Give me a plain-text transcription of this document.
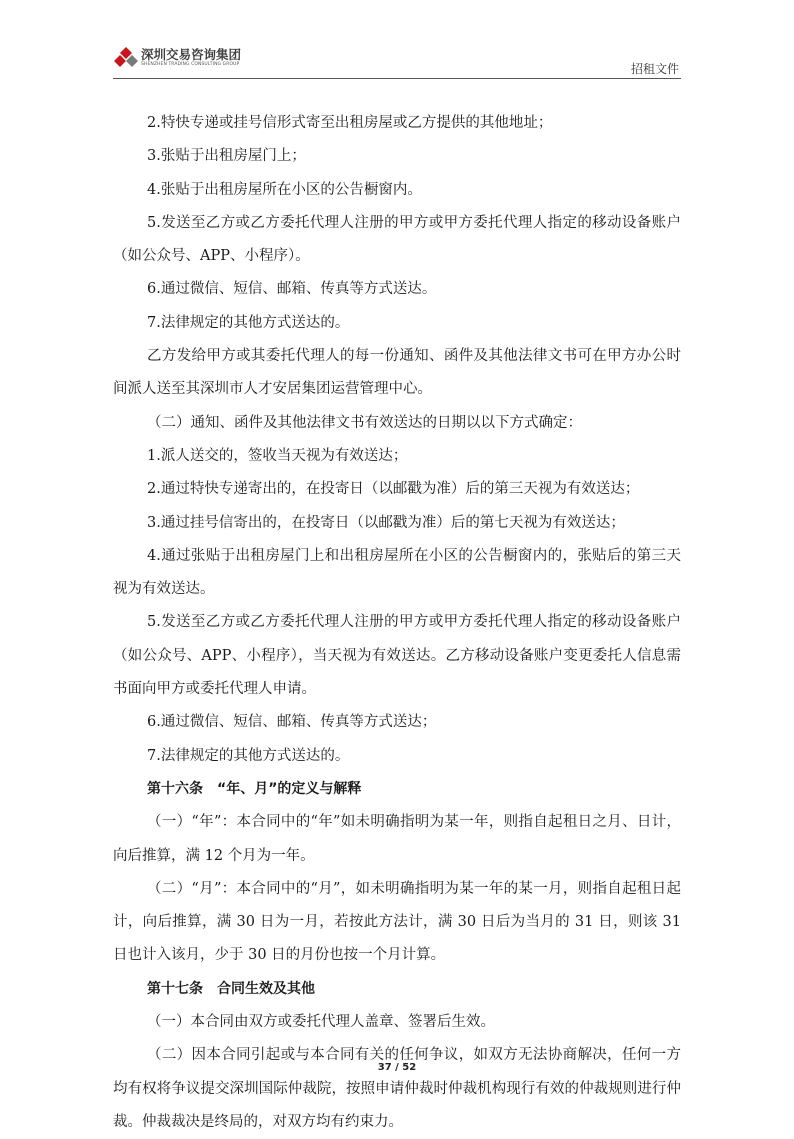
深圳交易咨询集团
SHENZHEN TRADING CONSULTING GROUP	招租文件

2.特快专递或挂号信形式寄至出租房屋或乙方提供的其他地址；

3.张贴于出租房屋门上；

4.张贴于出租房屋所在小区的公告橱窗内。

5.发送至乙方或乙方委托代理人注册的甲方或甲方委托代理人指定的移动设备账户（如公众号、APP、小程序）。

6.通过微信、短信、邮箱、传真等方式送达。

7.法律规定的其他方式送达的。

乙方发给甲方或其委托代理人的每一份通知、函件及其他法律文书可在甲方办公时间派人送至其深圳市人才安居集团运营管理中心。

（二）通知、函件及其他法律文书有效送达的日期以以下方式确定：

1.派人送交的，签收当天视为有效送达；

2.通过特快专递寄出的，在投寄日（以邮戳为准）后的第三天视为有效送达；

3.通过挂号信寄出的，在投寄日（以邮戳为准）后的第七天视为有效送达；

4.通过张贴于出租房屋门上和出租房屋所在小区的公告橱窗内的，张贴后的第三天视为有效送达。

5.发送至乙方或乙方委托代理人注册的甲方或甲方委托代理人指定的移动设备账户（如公众号、APP、小程序），当天视为有效送达。乙方移动设备账户变更委托人信息需书面向甲方或委托代理人申请。

6.通过微信、短信、邮箱、传真等方式送达；

7.法律规定的其他方式送达的。

第十六条 “年、月”的定义与解释

（一）“年”：本合同中的“年”如未明确指明为某一年，则指自起租日之月、日计，向后推算，满 12 个月为一年。

（二）“月”：本合同中的“月”，如未明确指明为某一年的某一月，则指自起租日起计，向后推算，满 30 日为一月，若按此方法计，满 30 日后为当月的 31 日，则该 31 日也计入该月，少于 30 日的月份也按一个月计算。

第十七条 合同生效及其他

（一）本合同由双方或委托代理人盖章、签署后生效。

（二）因本合同引起或与本合同有关的任何争议，如双方无法协商解决，任何一方均有权将争议提交深圳国际仲裁院，按照申请仲裁时仲裁机构现行有效的仲裁规则进行仲裁。仲裁裁决是终局的，对双方均有约束力。

37 / 52
